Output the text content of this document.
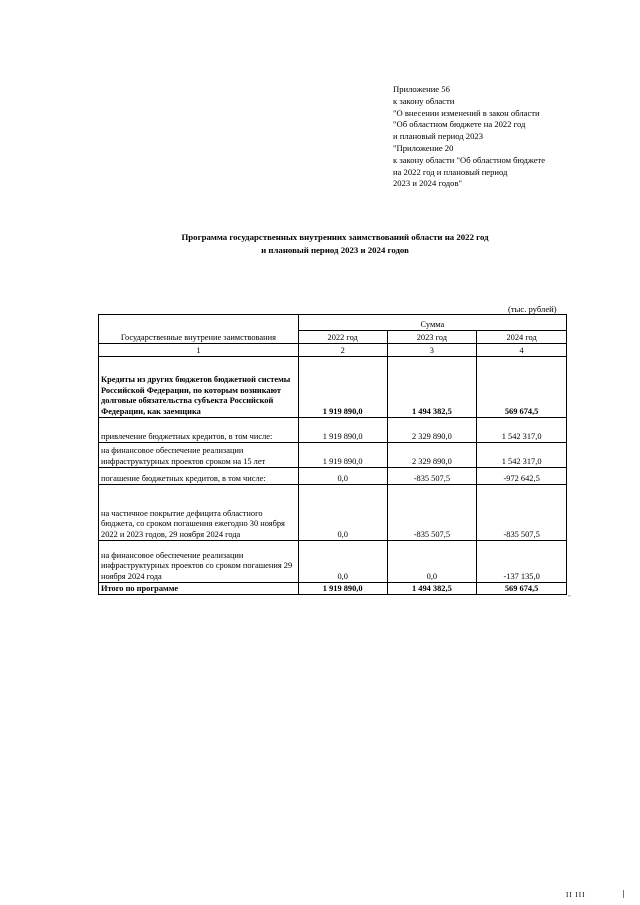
Приложение 56
к закону области
"О внесении изменений в закон области
"Об областном бюджете на 2022 год
и плановый период 2023
"Приложение 20
к закону области "Об областном бюджете
на 2022 год и плановый период
2023 и 2024 годов"
Программа государственных внутренних заимствований области на 2022 год
и плановый период 2023 и 2024 годов
(тыс. рублей)
Государственные внутрение заимствования	Сумма		
	2022 год	2023 год	2024 год
1	2	3	4
Кредиты из других бюджетов бюджетной системы Российской Федерации, по которым возникают долговые обязательства субъекта Российской Федерации, как заемщика	1 919 890,0	1 494 382,5	569 674,5
привлечение бюджетных кредитов, в том числе:	1 919 890,0	2 329 890,0	1 542 317,0
на финансовое обеспечение реализации инфраструктурных проектов сроком на 15 лет	1 919 890,0	2 329 890,0	1 542 317,0
погашение бюджетных кредитов, в том числе:	0,0	-835 507,5	-972 642,5
на частичное покрытие дефицита областного бюджета, со сроком погашения ежегодно 30 ноября 2022 и 2023 годов, 29 ноября 2024 года	0,0	-835 507,5	-835 507,5
на финансовое обеспечение реализации инфраструктурных проектов со сроком погашения 29 ноября 2024 года	0,0	0,0	-137 135,0
Итого по программе	1 919 890,0	1 494 382,5	569 674,5
"
II III
